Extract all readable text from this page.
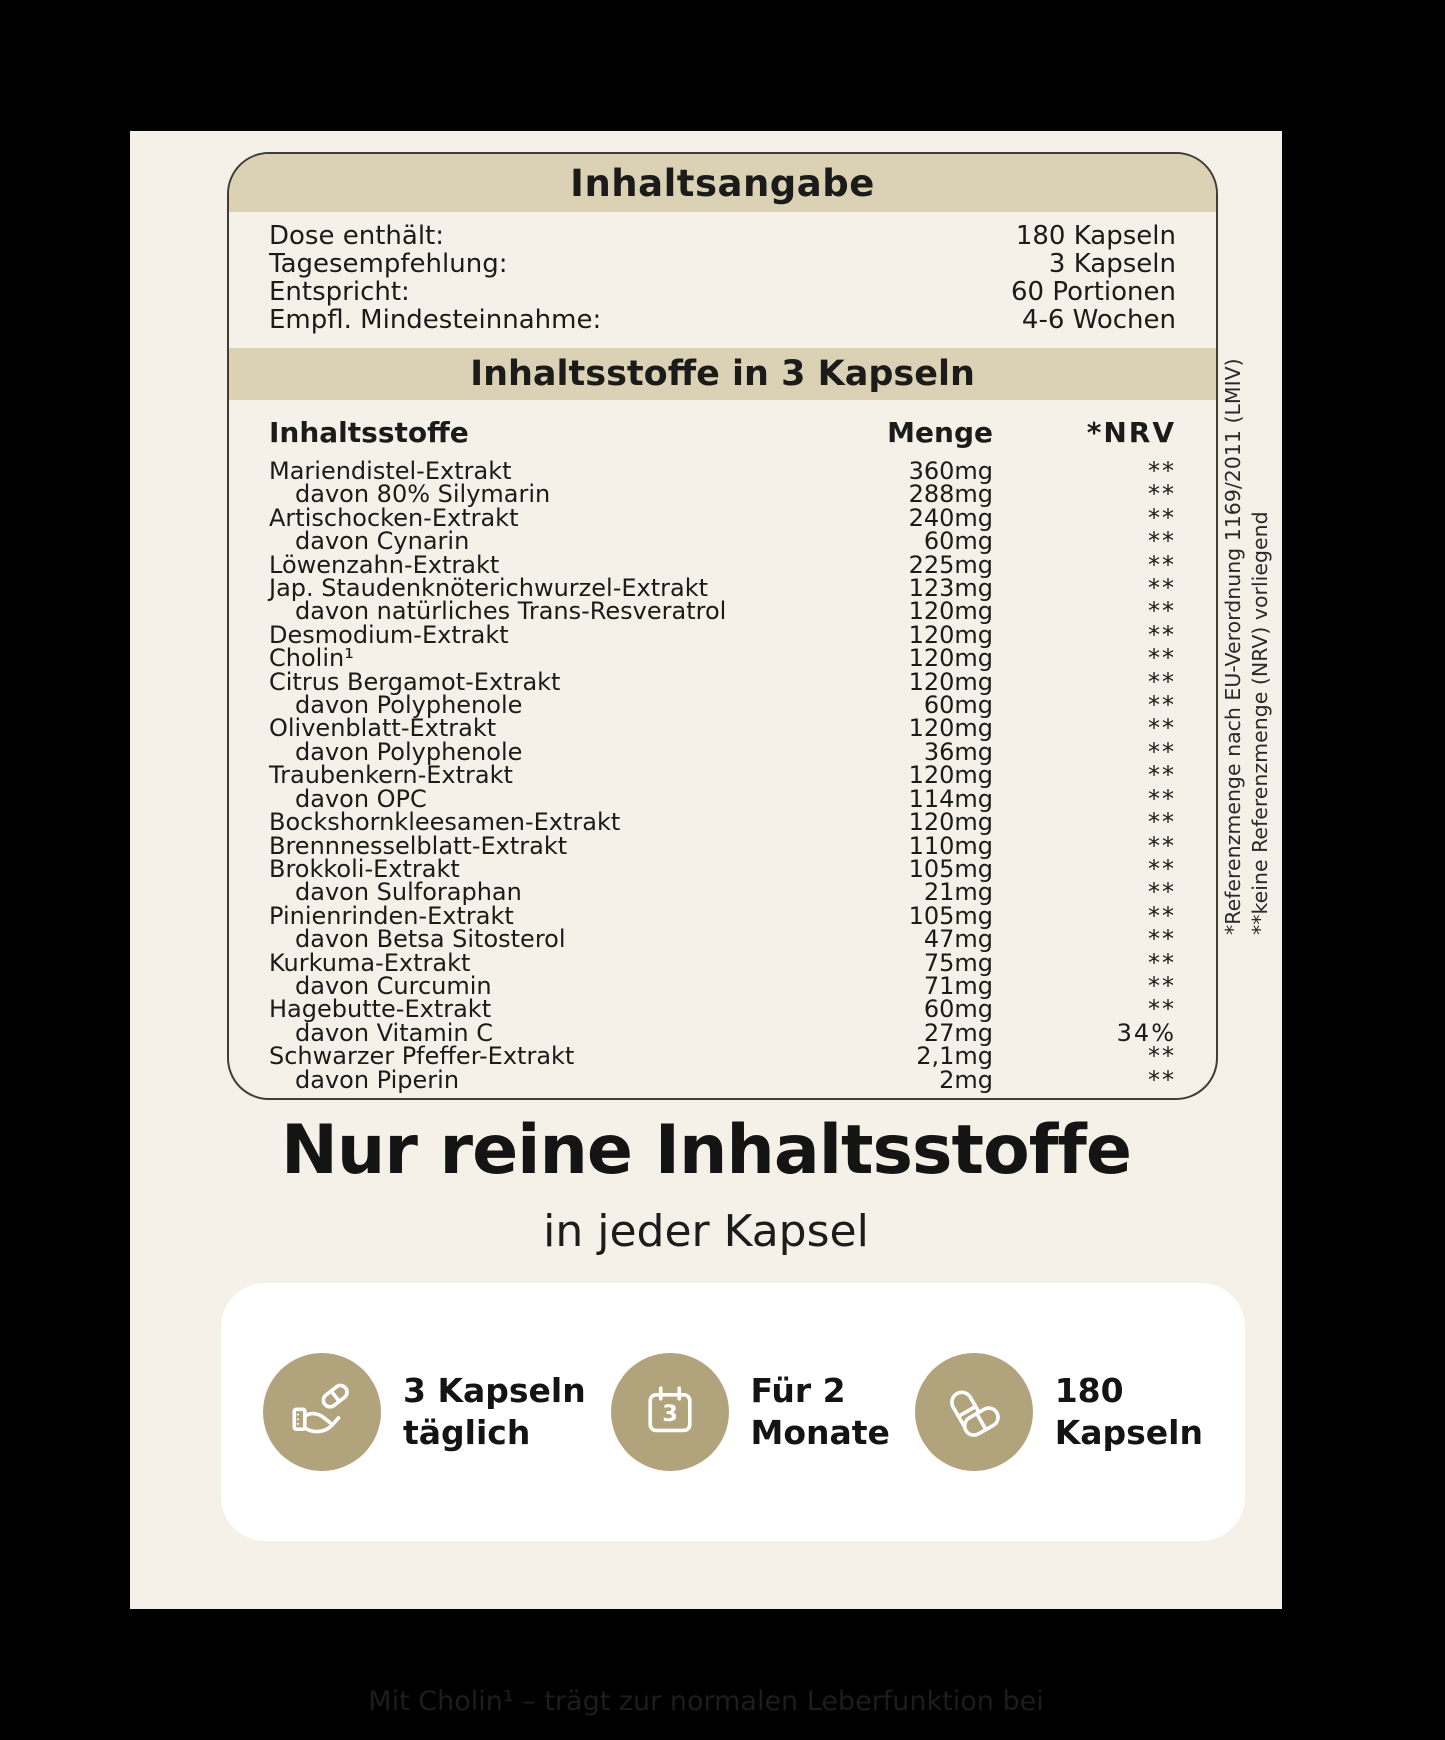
Inhaltsangabe
Dose enthält:	180 Kapseln
Tagesempfehlung:	3 Kapseln
Entspricht:	60 Portionen
Empfl. Mindesteinnahme:	4-6 Wochen
Inhaltsstoffe in 3 Kapseln
Inhaltsstoffe	Menge	*NRV
Mariendistel-Extrakt	360mg	**
davon 80% Silymarin	288mg	**
Artischocken-Extrakt	240mg	**
davon Cynarin	60mg	**
Löwenzahn-Extrakt	225mg	**
Jap. Staudenknöterichwurzel-Extrakt	123mg	**
davon natürliches Trans-Resveratrol	120mg	**
Desmodium-Extrakt	120mg	**
Cholin¹	120mg	**
Citrus Bergamot-Extrakt	120mg	**
davon Polyphenole	60mg	**
Olivenblatt-Extrakt	120mg	**
davon Polyphenole	36mg	**
Traubenkern-Extrakt	120mg	**
davon OPC	114mg	**
Bockshornkleesamen-Extrakt	120mg	**
Brennnesselblatt-Extrakt	110mg	**
Brokkoli-Extrakt	105mg	**
davon Sulforaphan	21mg	**
Pinienrinden-Extrakt	105mg	**
davon Betsa Sitosterol	47mg	**
Kurkuma-Extrakt	75mg	**
davon Curcumin	71mg	**
Hagebutte-Extrakt	60mg	**
davon Vitamin C	27mg	34%
Schwarzer Pfeffer-Extrakt	2,1mg	**
davon Piperin	2mg	**
*Referenzmenge nach EU-Verordnung 1169/2011 (LMIV) **keine Referenzmenge (NRV) vorliegend
Nur reine Inhaltsstoffe
in jeder Kapsel
3 Kapseln
täglich	3
Für 2
Monate
180
Kapseln
Mit Cholin¹ – trägt zur normalen Leberfunktion bei
